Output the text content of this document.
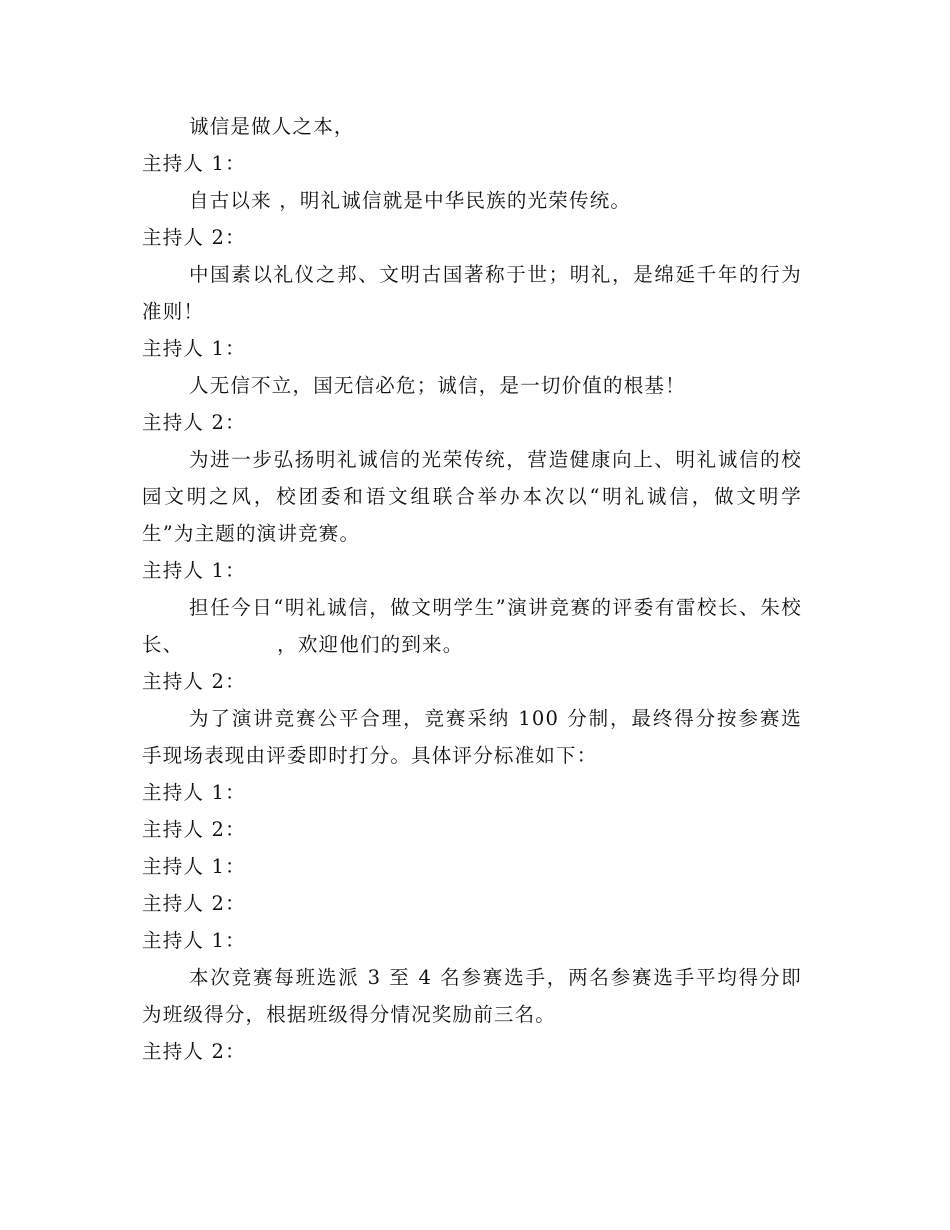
诚信是做人之本，

主持人 1：

自古以来 ，明礼诚信就是中华民族的光荣传统。

主持人 2：

中国素以礼仪之邦、文明古国著称于世；明礼，是绵延千年的行为准则！

主持人 1：

人无信不立，国无信必危；诚信，是一切价值的根基！

主持人 2：

为进一步弘扬明礼诚信的光荣传统，营造健康向上、明礼诚信的校园文明之风，校团委和语文组联合举办本次以“明礼诚信，做文明学生”为主题的演讲竞赛。

主持人 1：

担任今日“明礼诚信，做文明学生”演讲竞赛的评委有雷校长、朱校长、　　　　　，欢迎他们的到来。

主持人 2：

为了演讲竞赛公平合理，竞赛采纳 100 分制，最终得分按参赛选手现场表现由评委即时打分。具体评分标准如下：

主持人 1：

主持人 2：

主持人 1：

主持人 2：

主持人 1：

本次竞赛每班选派 3 至 4 名参赛选手，两名参赛选手平均得分即为班级得分，根据班级得分情况奖励前三名。

主持人 2：
